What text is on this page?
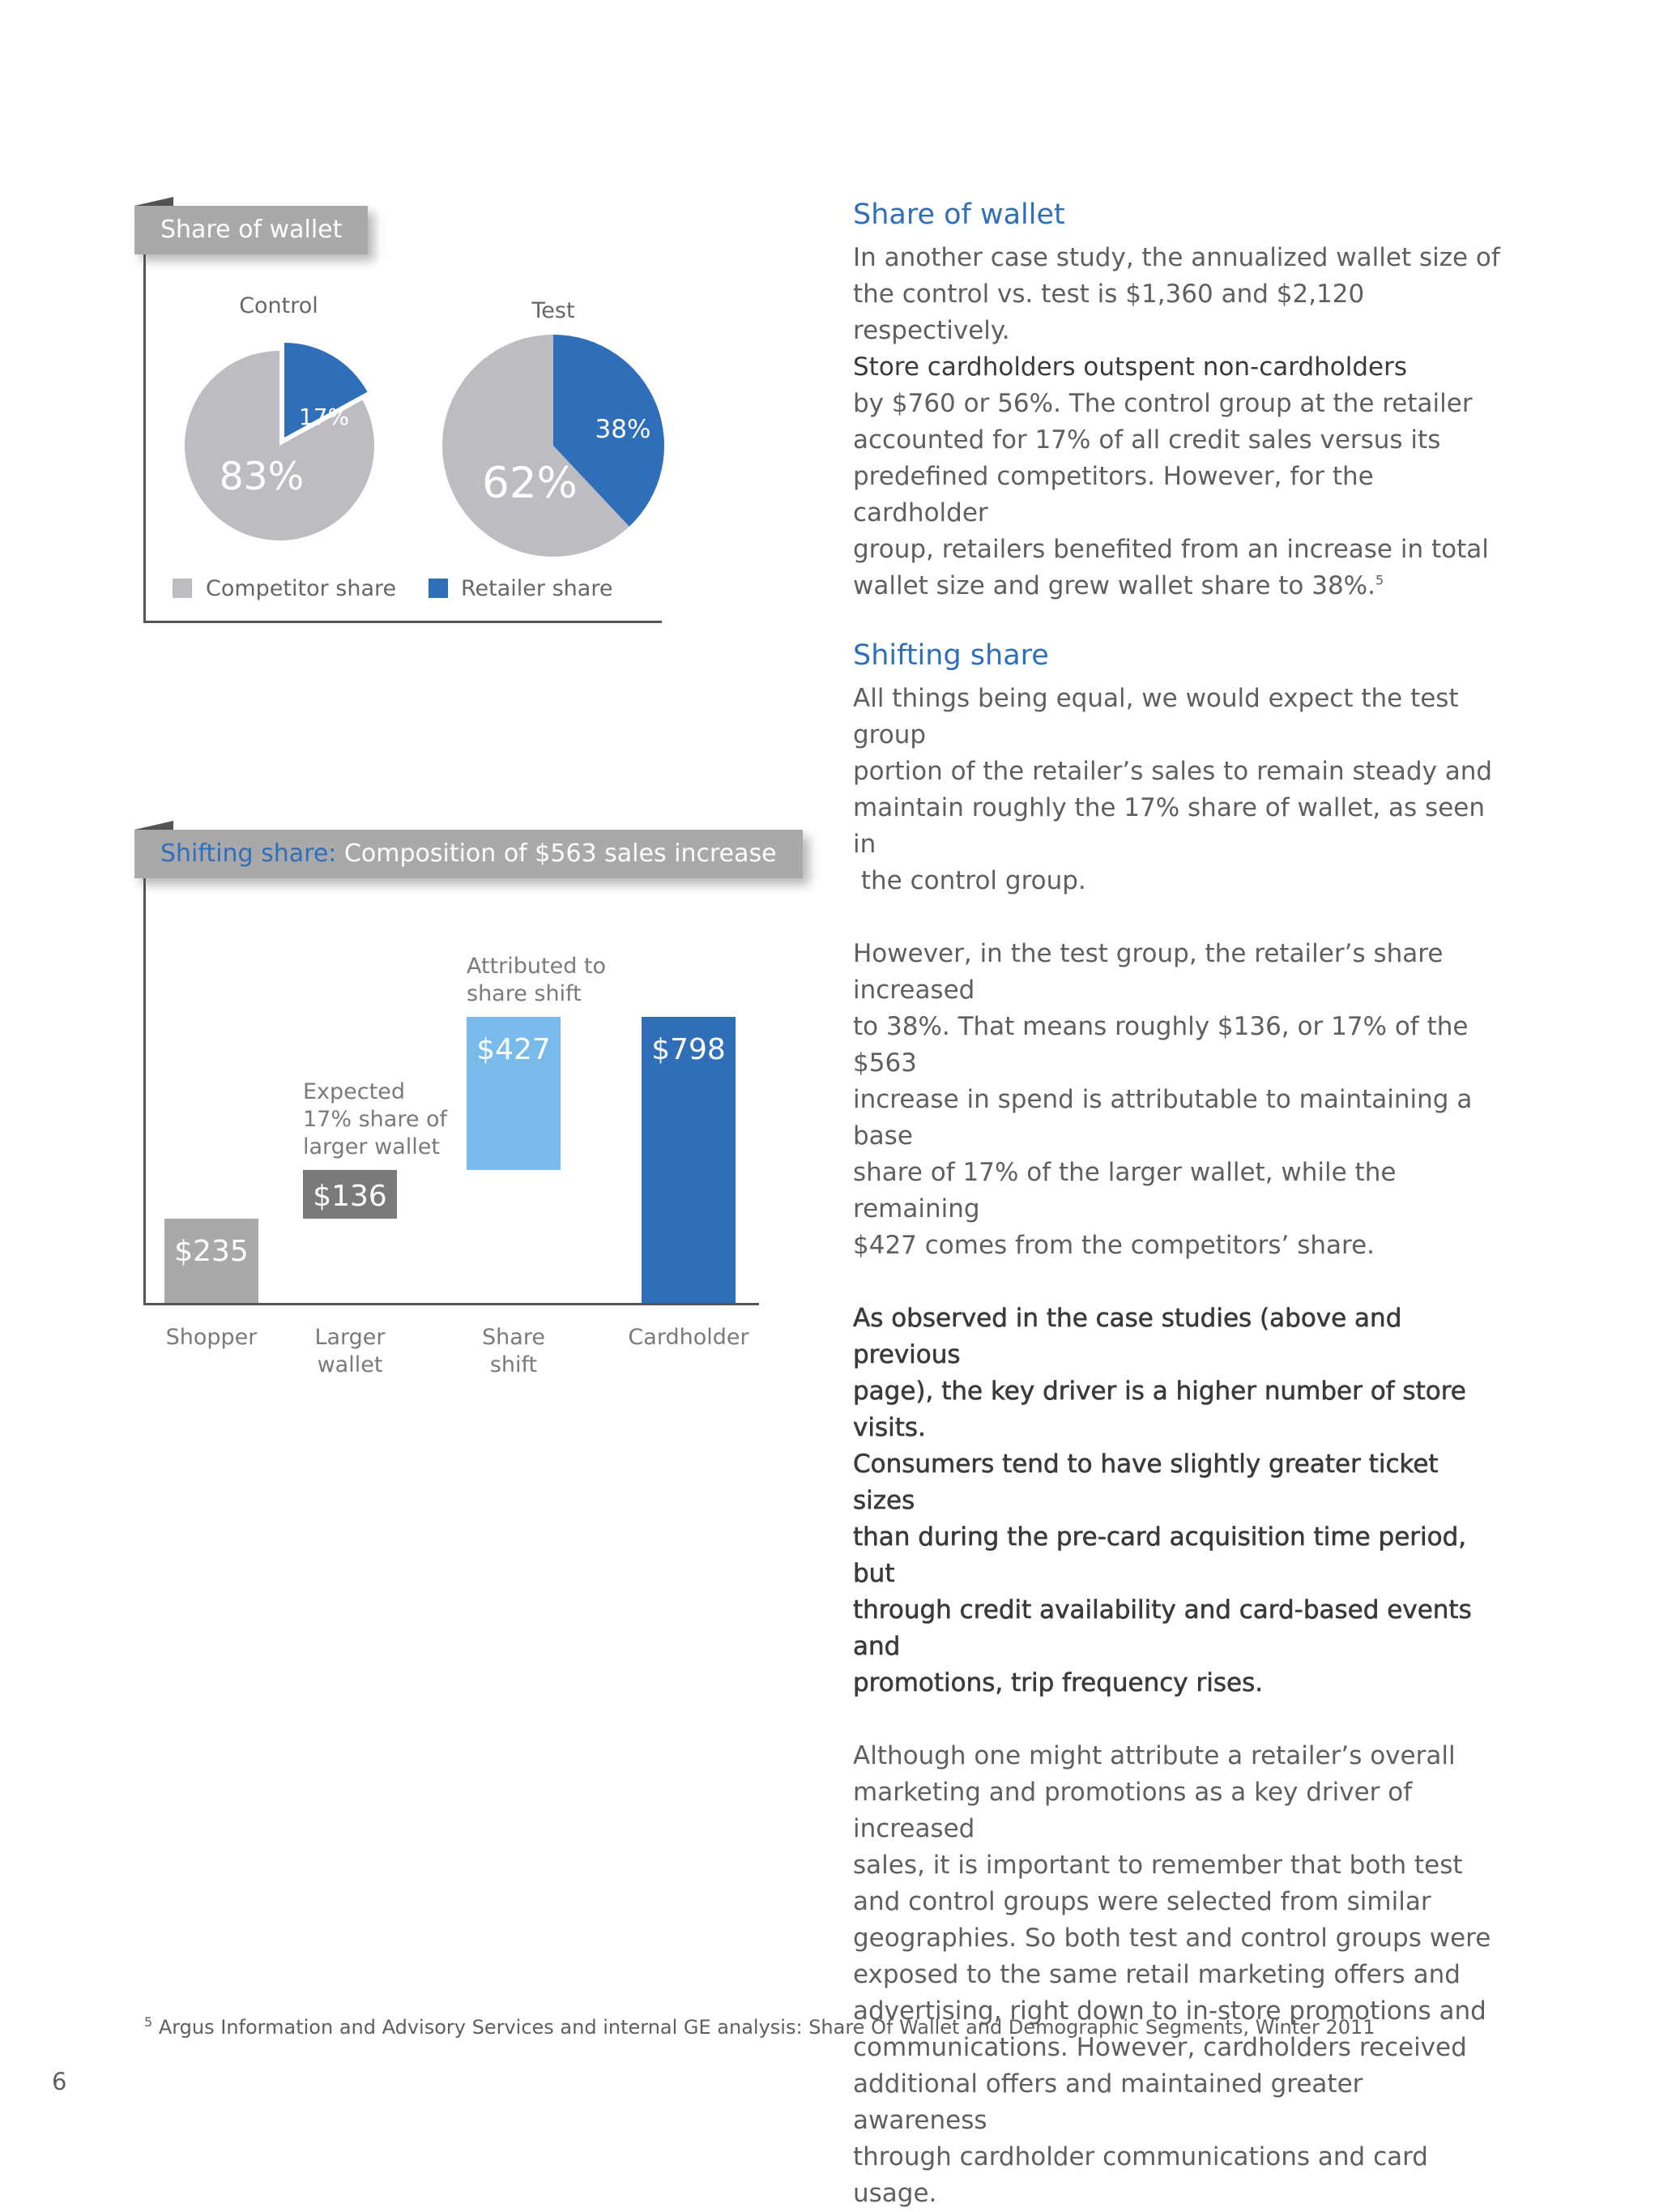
Share of wallet
Control	Test
17%
83%
38%
62%
Competitor share	Retailer share
Shifting share: Composition of $563 sales increase
$235
$136
$427	$798
Expected
17% share of
larger wallet
Attributed to
share shift
Shopper	Larger
wallet
Share
shift
Cardholder
Share of wallet

In another case study, the annualized wallet size of

the control vs. test is $1,360 and $2,120 respectively.

Store cardholders outspent non-cardholders

by $760 or 56%. The control group at the retailer

accounted for 17% of all credit sales versus its

predefined competitors. However, for the cardholder

group, retailers benefited from an increase in total

wallet size and grew wallet share to 38%.$^5$

Shifting share

All things being equal, we would expect the test group

portion of the retailer’s sales to remain steady and

maintain roughly the 17% share of wallet, as seen in

the control group.

However, in the test group, the retailer’s share increased

to 38%. That means roughly $136, or 17% of the $563

increase in spend is attributable to maintaining a base

share of 17% of the larger wallet, while the remaining

$427 comes from the competitors’ share.

As observed in the case studies (above and previous

page), the key driver is a higher number of store visits.

Consumers tend to have slightly greater ticket sizes

than during the pre-card acquisition time period, but

through credit availability and card-based events and

promotions, trip frequency rises.

Although one might attribute a retailer’s overall

marketing and promotions as a key driver of increased

sales, it is important to remember that both test

and control groups were selected from similar

geographies. So both test and control groups were

exposed to the same retail marketing offers and

advertising, right down to in-store promotions and

communications. However, cardholders received

additional offers and maintained greater awareness

through cardholder communications and card usage.

$^5$ Argus Information and Advisory Services and internal GE analysis: Share Of Wallet and Demographic Segments, Winter 2011
6
